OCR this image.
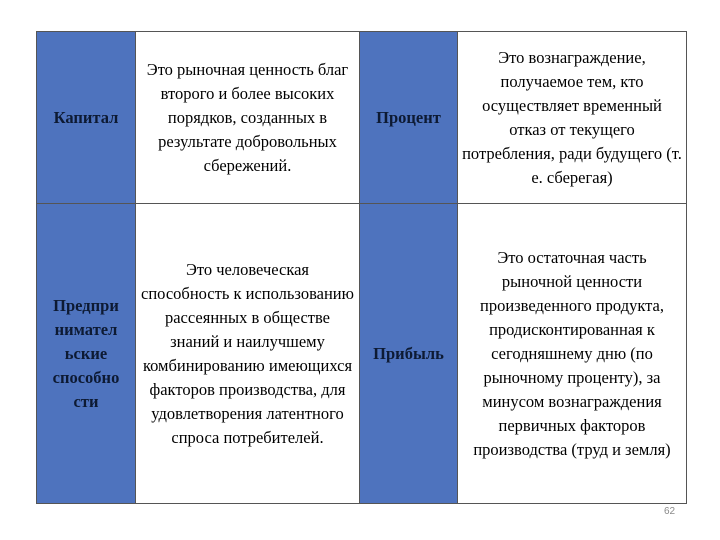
Капитал	Это рыночная ценность благ второго и более высоких порядков, созданных в результате добровольных сбережений.	Процент	Это вознаграждение, получаемое тем, кто осуществляет временный отказ от текущего потребления, ради будущего (т. е. сберегая)
Предпри нимател ьские способно сти	Это человеческая способность к использованию рассеянных в обществе знаний и наилучшему комбинированию имеющихся факторов производства, для удовлетворения латентного спроса потребителей.	Прибыль	Это остаточная часть рыночной ценности произведенного продукта, продисконтированная к сегодняшнему дню (по рыночному проценту), за минусом вознаграждения первичных факторов производства (труд и земля)
62
